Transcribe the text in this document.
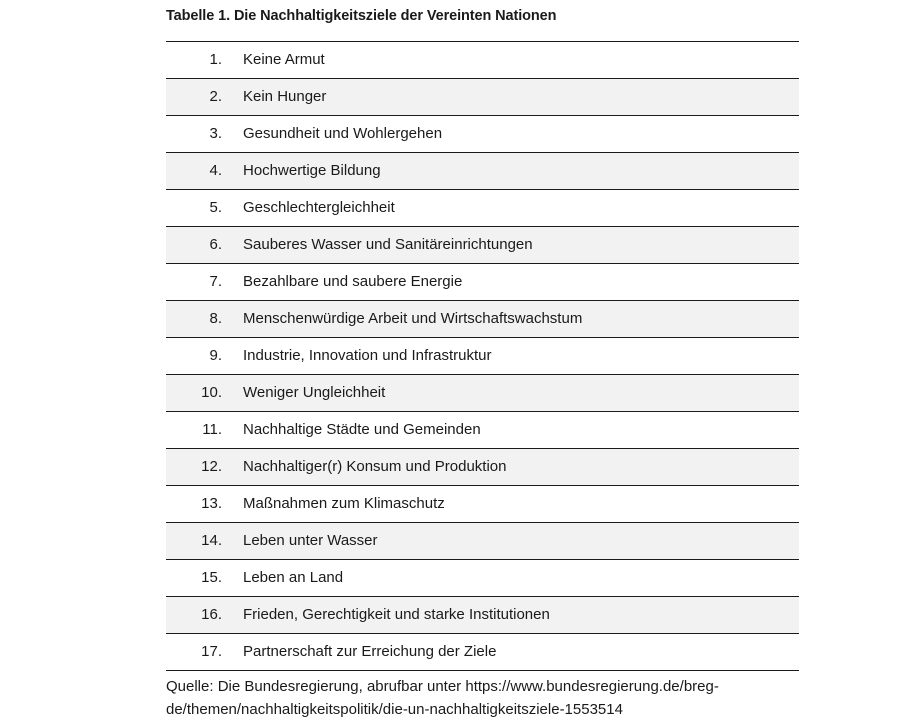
Tabelle 1. Die Nachhaltigkeitsziele der Vereinten Nationen
1. Keine Armut
2. Kein Hunger
3. Gesundheit und Wohlergehen
4. Hochwertige Bildung
5. Geschlechtergleichheit
6. Sauberes Wasser und Sanitäreinrichtungen
7. Bezahlbare und saubere Energie
8. Menschenwürdige Arbeit und Wirtschaftswachstum
9. Industrie, Innovation und Infrastruktur
10. Weniger Ungleichheit
11. Nachhaltige Städte und Gemeinden
12. Nachhaltiger(r) Konsum und Produktion
13. Maßnahmen zum Klimaschutz
14. Leben unter Wasser
15. Leben an Land
16. Frieden, Gerechtigkeit und starke Institutionen
17. Partnerschaft zur Erreichung der Ziele
Quelle: Die Bundesregierung, abrufbar unter https://www.bundesregierung.de/breg-
de/themen/nachhaltigkeitspolitik/die-un-nachhaltigkeitsziele-1553514
